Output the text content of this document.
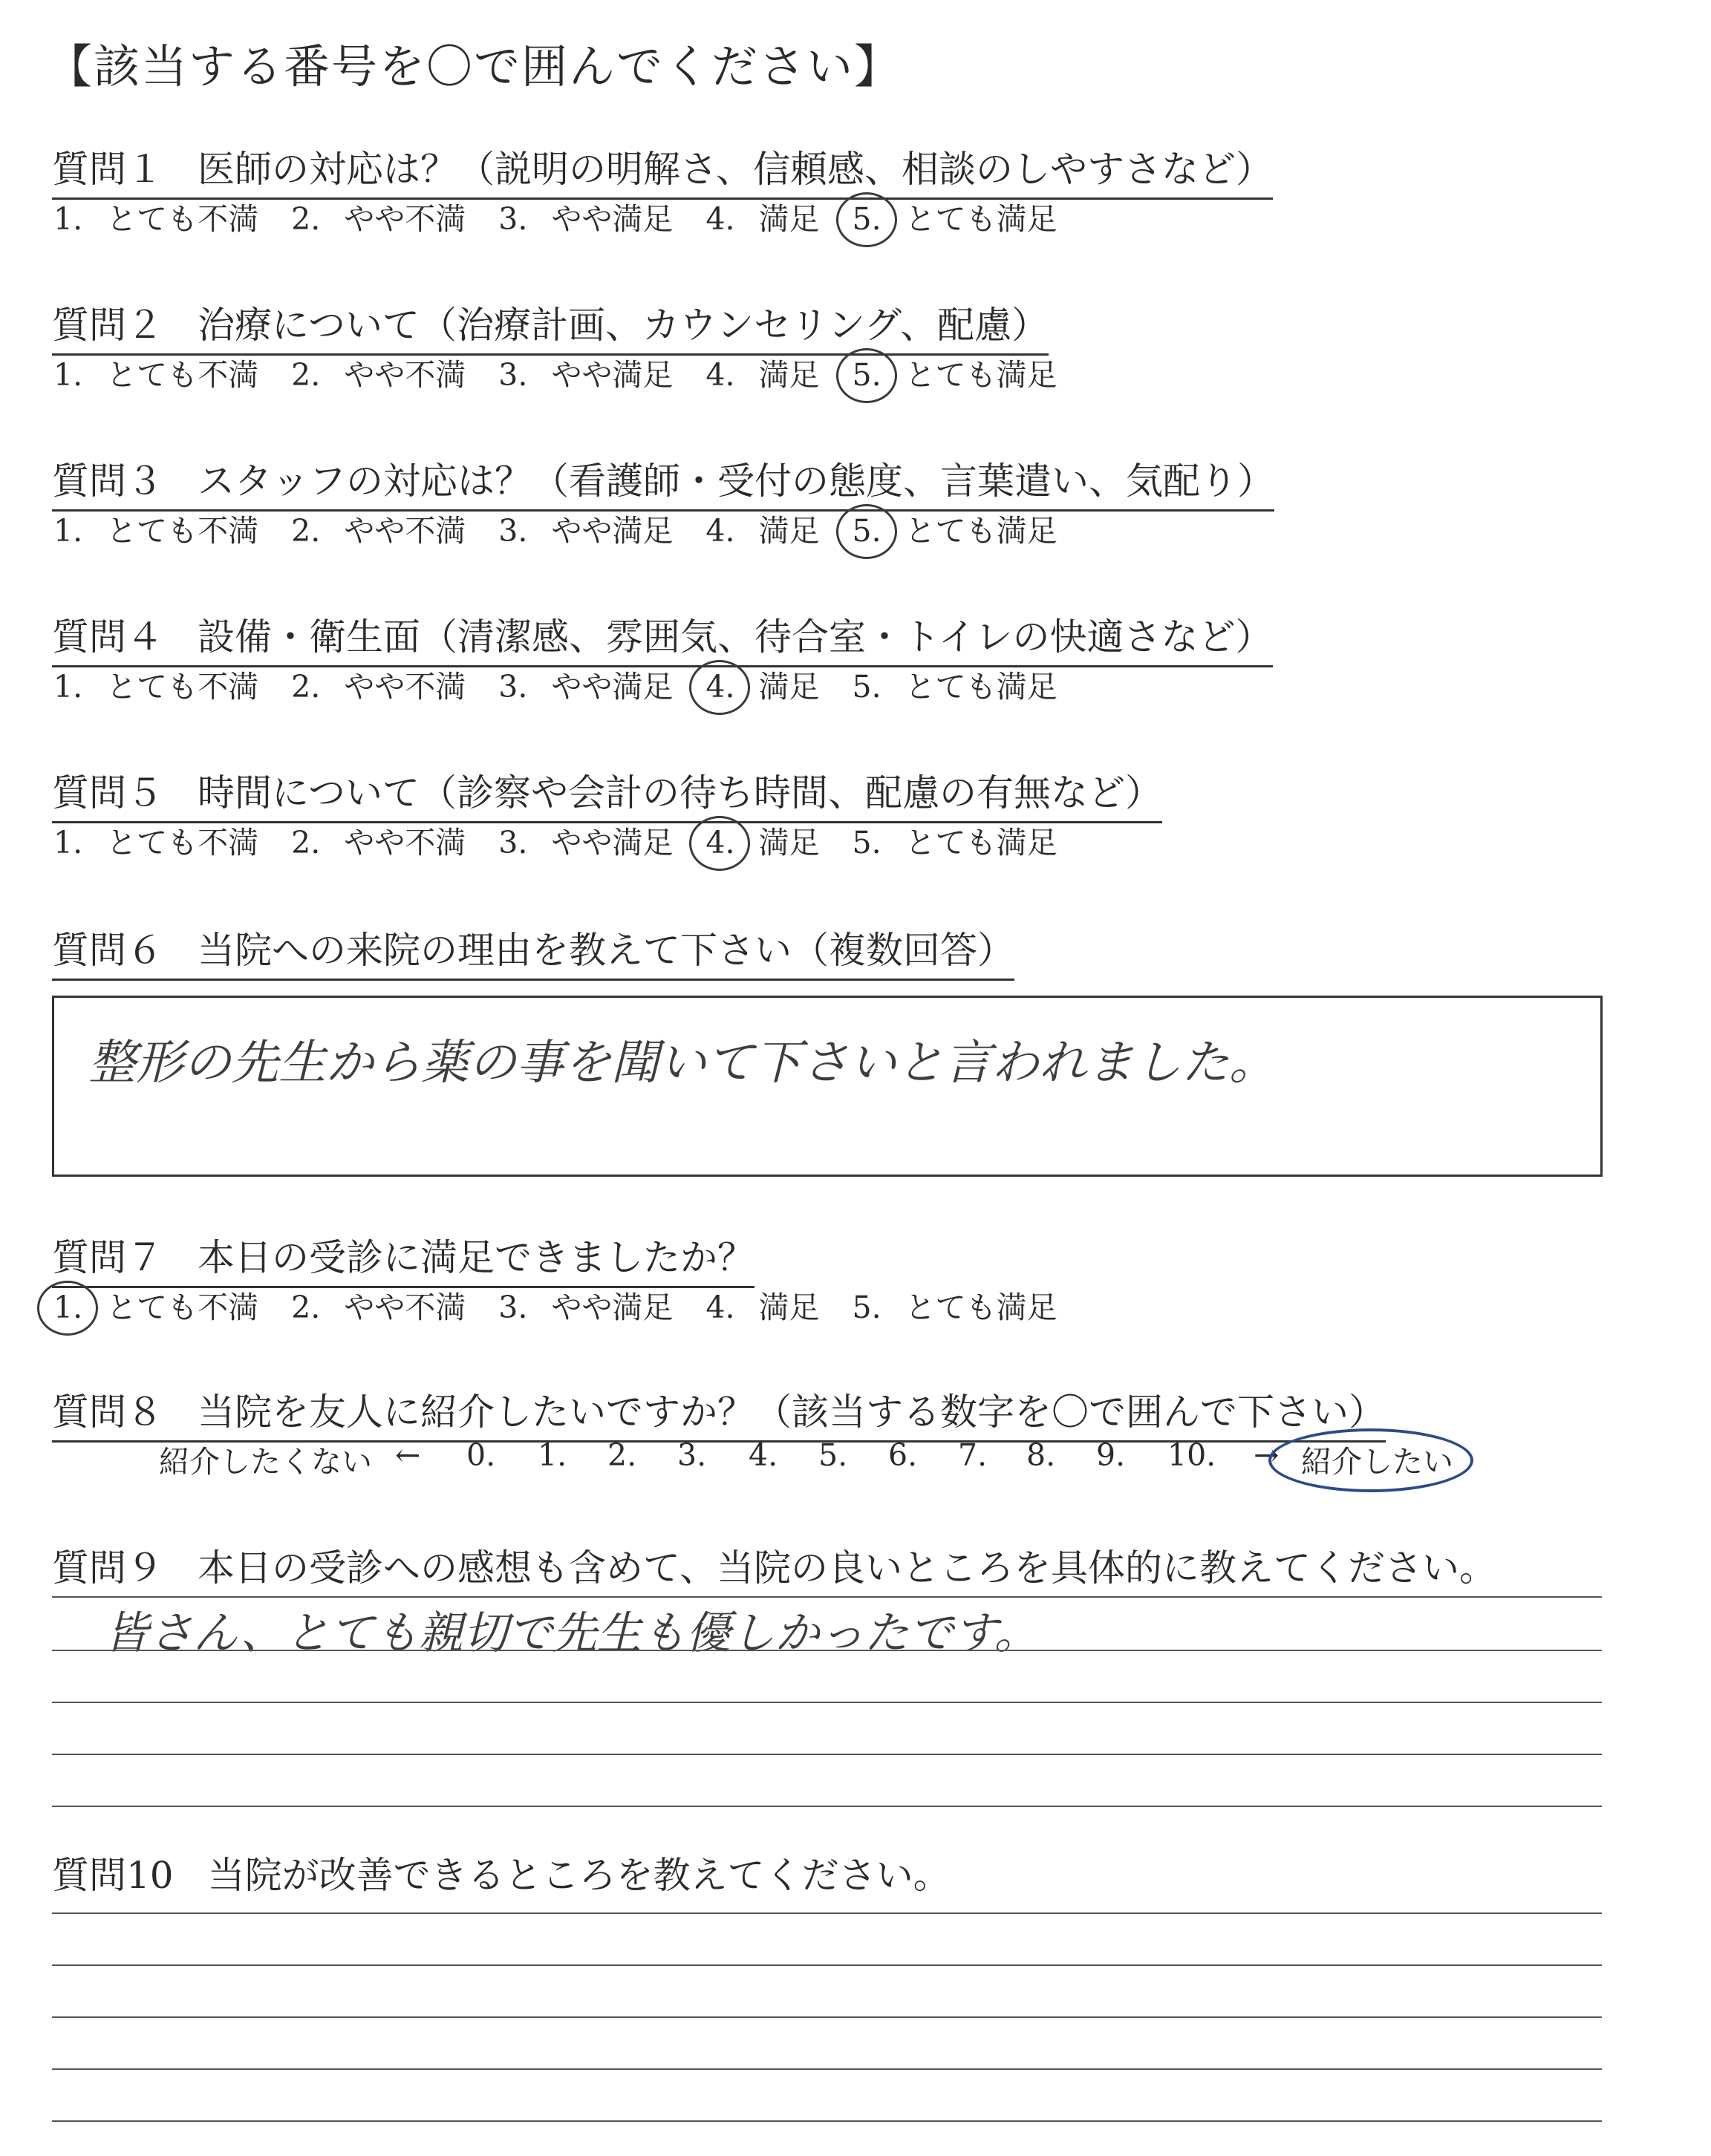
【該当する番号を〇で囲んでください】
質問１ 医師の対応は？（説明の明解さ、信頼感、相談のしやすさなど）
1. とても不満 2. やや不満 3. やや満足 4. 満足 5. とても満足
質問２ 治療について（治療計画、カウンセリング、配慮）
1. とても不満 2. やや不満 3. やや満足 4. 満足 5. とても満足
質問３ スタッフの対応は？（看護師・受付の態度、言葉遣い、気配り）
1. とても不満 2. やや不満 3. やや満足 4. 満足 5. とても満足
質問４ 設備・衛生面（清潔感、雰囲気、待合室・トイレの快適さなど）
1. とても不満 2. やや不満 3. やや満足 4. 満足 5. とても満足
質問５ 時間について（診察や会計の待ち時間、配慮の有無など）
1. とても不満 2. やや不満 3. やや満足 4. 満足 5. とても満足
質問６ 当院への来院の理由を教えて下さい（複数回答）
整形の先生から薬の事を聞いて下さいと言われました。
質問７ 本日の受診に満足できましたか？
1. とても不満 2. やや不満 3. やや満足 4. 満足 5. とても満足
質問８ 当院を友人に紹介したいですか？（該当する数字を〇で囲んで下さい）
紹介したくない ← 0. 1. 2. 3. 4. 5. 6. 7. 8. 9. 10. → 紹介したい
質問９ 本日の受診への感想も含めて、当院の良いところを具体的に教えてください。
皆さん、とても親切で先生も優しかったです。
質問10 当院が改善できるところを教えてください。
